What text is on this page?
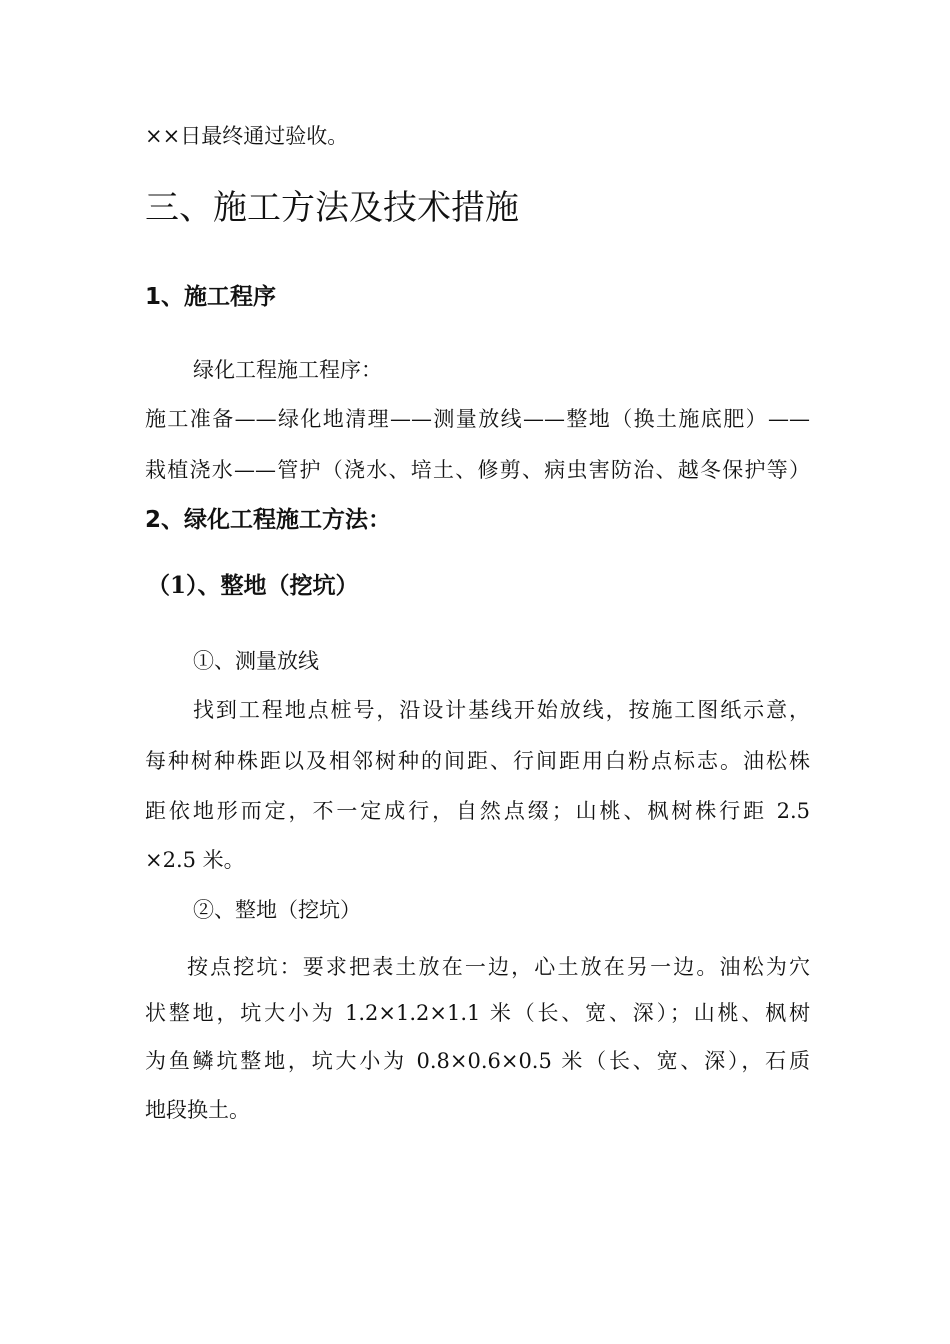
××日最终通过验收。

三、施工方法及技术措施
1、施工程序

绿化工程施工程序：

施工准备——绿化地清理——测量放线——整地（换土施底肥）——

栽植浇水——管护（浇水、培土、修剪、病虫害防治、越冬保护等）

2、绿化工程施工方法：
（1）、整地（挖坑）

①、测量放线

找到工程地点桩号，沿设计基线开始放线，按施工图纸示意，

每种树种株距以及相邻树种的间距、行间距用白粉点标志。油松株

距依地形而定，不一定成行，自然点缀；山桃、枫树株行距 2.5

×2.5 米。

②、整地（挖坑）

按点挖坑：要求把表土放在一边，心土放在另一边。油松为穴

状整地，坑大小为 1.2×1.2×1.1 米（长、宽、深）；山桃、枫树

为鱼鳞坑整地，坑大小为 0.8×0.6×0.5 米（长、宽、深），石质

地段换土。
